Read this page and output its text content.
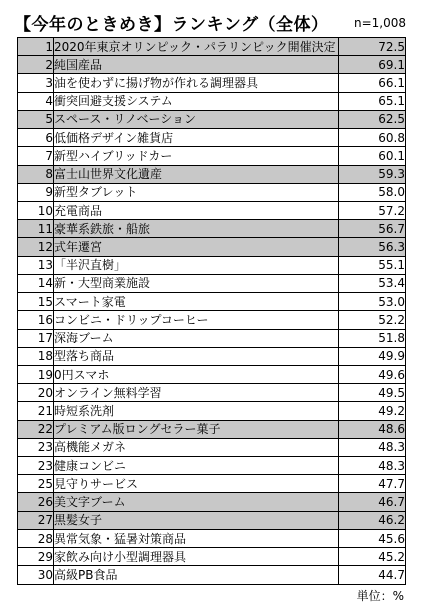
【今年のときめき】ランキング（全体） n=1,008
1	2020年東京オリンピック・パラリンピック開催決定	72.5
2	純国産品	69.1
3	油を使わずに揚げ物が作れる調理器具	66.1
4	衝突回避支援システム	65.1
5	スペース・リノベーション	62.5
6	低価格デザイン雑貨店	60.8
7	新型ハイブリッドカー	60.1
8	富士山世界文化遺産	59.3
9	新型タブレット	58.0
10	充電商品	57.2
11	豪華系鉄旅・船旅	56.7
12	式年遷宮	56.3
13	「半沢直樹」	55.1
14	新・大型商業施設	53.4
15	スマート家電	53.0
16	コンビニ・ドリップコーヒー	52.2
17	深海ブーム	51.8
18	型落ち商品	49.9
19	0円スマホ	49.6
20	オンライン無料学習	49.5
21	時短系洗剤	49.2
22	プレミアム版ロングセラー菓子	48.6
23	高機能メガネ	48.3
23	健康コンビニ	48.3
25	見守りサービス	47.7
26	美文字ブーム	46.7
27	黒髪女子	46.2
28	異常気象・猛暑対策商品	45.6
29	家飲み向け小型調理器具	45.2
30	高級PB食品	44.7
単位：%
